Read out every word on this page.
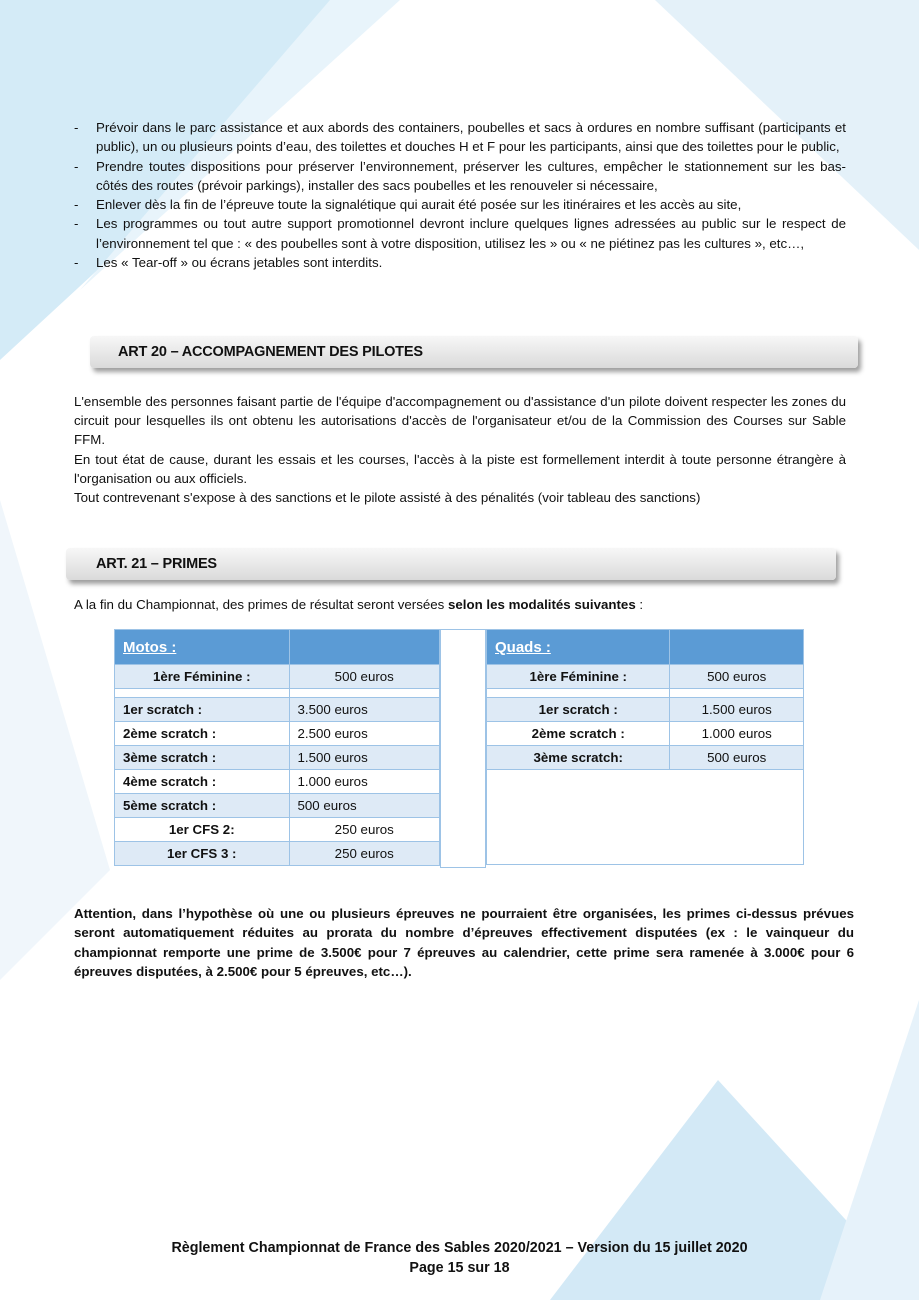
- Prévoir dans le parc assistance et aux abords des containers, poubelles et sacs à ordures en nombre suffisant (participants et public), un ou plusieurs points d’eau, des toilettes et douches H et F pour les participants, ainsi que des toilettes pour le public,
- Prendre toutes dispositions pour préserver l’environnement, préserver les cultures, empêcher le stationnement sur les bas-côtés des routes (prévoir parkings), installer des sacs poubelles et les renouveler si nécessaire,
- Enlever dès la fin de l’épreuve toute la signalétique qui aurait été posée sur les itinéraires et les accès au site,
- Les programmes ou tout autre support promotionnel devront inclure quelques lignes adressées au public sur le respect de l’environnement tel que : « des poubelles sont à votre disposition, utilisez les » ou « ne piétinez pas les cultures », etc…,
- Les « Tear-off » ou écrans jetables sont interdits.
ART 20 – ACCOMPAGNEMENT DES PILOTES

L'ensemble des personnes faisant partie de l'équipe d'accompagnement ou d'assistance d'un pilote doivent respecter les zones du circuit pour lesquelles ils ont obtenu les autorisations d'accès de l'organisateur et/ou de la Commission des Courses sur Sable FFM.

En tout état de cause, durant les essais et les courses, l'accès à la piste est formellement interdit à toute personne étrangère à l'organisation ou aux officiels.

Tout contrevenant s'expose à des sanctions et le pilote assisté à des pénalités (voir tableau des sanctions)

ART. 21 – PRIMES

A la fin du Championnat, des primes de résultat seront versées selon les modalités suivantes :

Motos :	
1ère Féminine :	500 euros

1er scratch :	3.500 euros
2ème scratch :	2.500 euros
3ème scratch :	1.500 euros
4ème scratch :	1.000 euros
5ème scratch :	500 euros
1er CFS 2:	250 euros
1er CFS 3 :	250 euros
Quads :	
1ère Féminine :	500 euros

1er scratch :	1.500 euros
2ème scratch :	1.000 euros
3ème scratch:	500 euros

Attention, dans l’hypothèse où une ou plusieurs épreuves ne pourraient être organisées, les primes ci-dessus prévues seront automatiquement réduites au prorata du nombre d’épreuves effectivement disputées (ex : le vainqueur du championnat remporte une prime de 3.500€ pour 7 épreuves au calendrier, cette prime sera ramenée à 3.000€ pour 6 épreuves disputées, à 2.500€ pour 5 épreuves, etc…).

Règlement Championnat de France des Sables 2020/2021 – Version du 15 juillet 2020
Page 15 sur 18
